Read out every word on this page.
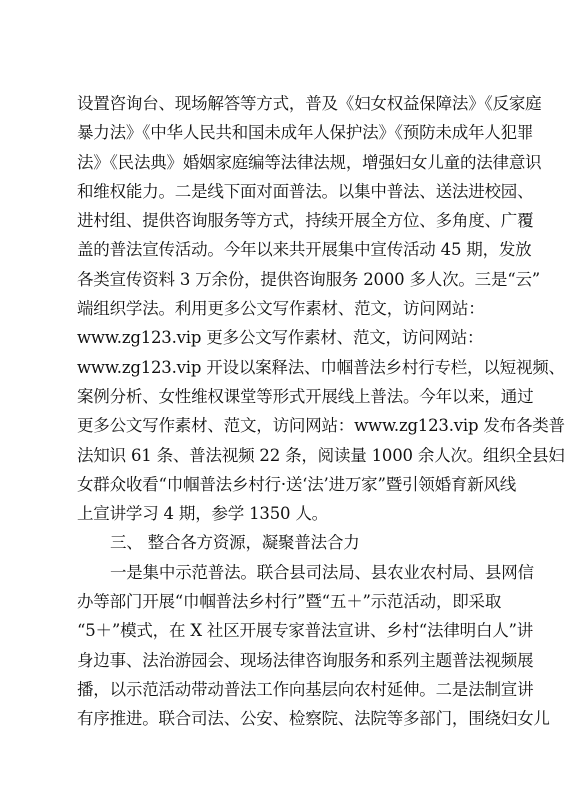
设置咨询台、现场解答等方式，普及《妇女权益保障法》《反家庭
暴力法》《中华人民共和国未成年人保护法》《预防未成年人犯罪
法》《民法典》婚姻家庭编等法律法规，增强妇女儿童的法律意识
和维权能力。二是线下面对面普法。以集中普法、送法进校园、
进村组、提供咨询服务等方式，持续开展全方位、多角度、广覆
盖的普法宣传活动。今年以来共开展集中宣传活动 45 期，发放
各类宣传资料 3 万余份，提供咨询服务 2000 多人次。三是“云”
端组织学法。利用更多公文写作素材、范文，访问网站：
www.zg123.vip 更多公文写作素材、范文，访问网站：
www.zg123.vip 开设以案释法、巾帼普法乡村行专栏，以短视频、
案例分析、女性维权课堂等形式开展线上普法。今年以来，通过
更多公文写作素材、范文，访问网站：www.zg123.vip 发布各类普
法知识 61 条、普法视频 22 条，阅读量 1000 余人次。组织全县妇
女群众收看“巾帼普法乡村行·送‘法’进万家”暨引领婚育新风线
上宣讲学习 4 期，参学 1350 人。
三、 整合各方资源，凝聚普法合力
一是集中示范普法。联合县司法局、县农业农村局、县网信
办等部门开展“巾帼普法乡村行”暨“五＋”示范活动，即采取
“5＋”模式，在 X 社区开展专家普法宣讲、乡村“法律明白人”讲
身边事、法治游园会、现场法律咨询服务和系列主题普法视频展
播，以示范活动带动普法工作向基层向农村延伸。二是法制宣讲
有序推进。联合司法、公安、检察院、法院等多部门，围绕妇女儿
